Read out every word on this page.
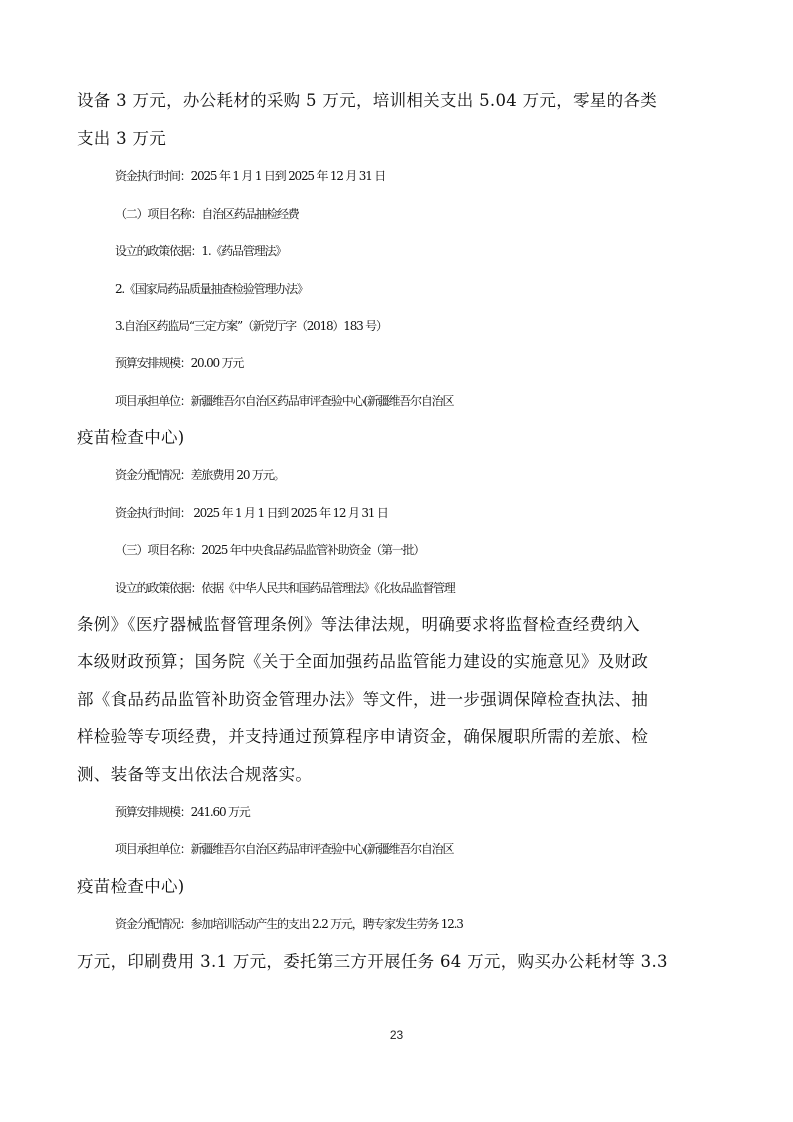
设备 3 万元，办公耗材的采购 5 万元，培训相关支出 5.04 万元，零星的各类
支出 3 万元
资金执行时间：2025 年 1 月 1 日到 2025 年 12 月 31 日
（二）项目名称：自治区药品抽检经费
设立的政策依据：1.《药品管理法》
2.《国家局药品质量抽查检验管理办法》
3.自治区药监局“三定方案”（新党厅字（2018）183 号）
预算安排规模：20.00 万元
项目承担单位：新疆维吾尔自治区药品审评查验中心(新疆维吾尔自治区
疫苗检查中心)
资金分配情况：差旅费用 20 万元。
资金执行时间： 2025 年 1 月 1 日到 2025 年 12 月 31 日
（三）项目名称：2025 年中央食品药品监管补助资金（第一批）
设立的政策依据：依据《中华人民共和国药品管理法》《化妆品监督管理
条例》《医疗器械监督管理条例》等法律法规，明确要求将监督检查经费纳入
本级财政预算；国务院《关于全面加强药品监管能力建设的实施意见》及财政
部《食品药品监管补助资金管理办法》等文件，进一步强调保障检查执法、抽
样检验等专项经费，并支持通过预算程序申请资金，确保履职所需的差旅、检
测、装备等支出依法合规落实。
预算安排规模：241.60 万元
项目承担单位：新疆维吾尔自治区药品审评查验中心(新疆维吾尔自治区
疫苗检查中心)
资金分配情况：参加培训活动产生的支出 2.2 万元，聘专家发生劳务 12.3
万元，印刷费用 3.1 万元，委托第三方开展任务 64 万元，购买办公耗材等 3.3
23
